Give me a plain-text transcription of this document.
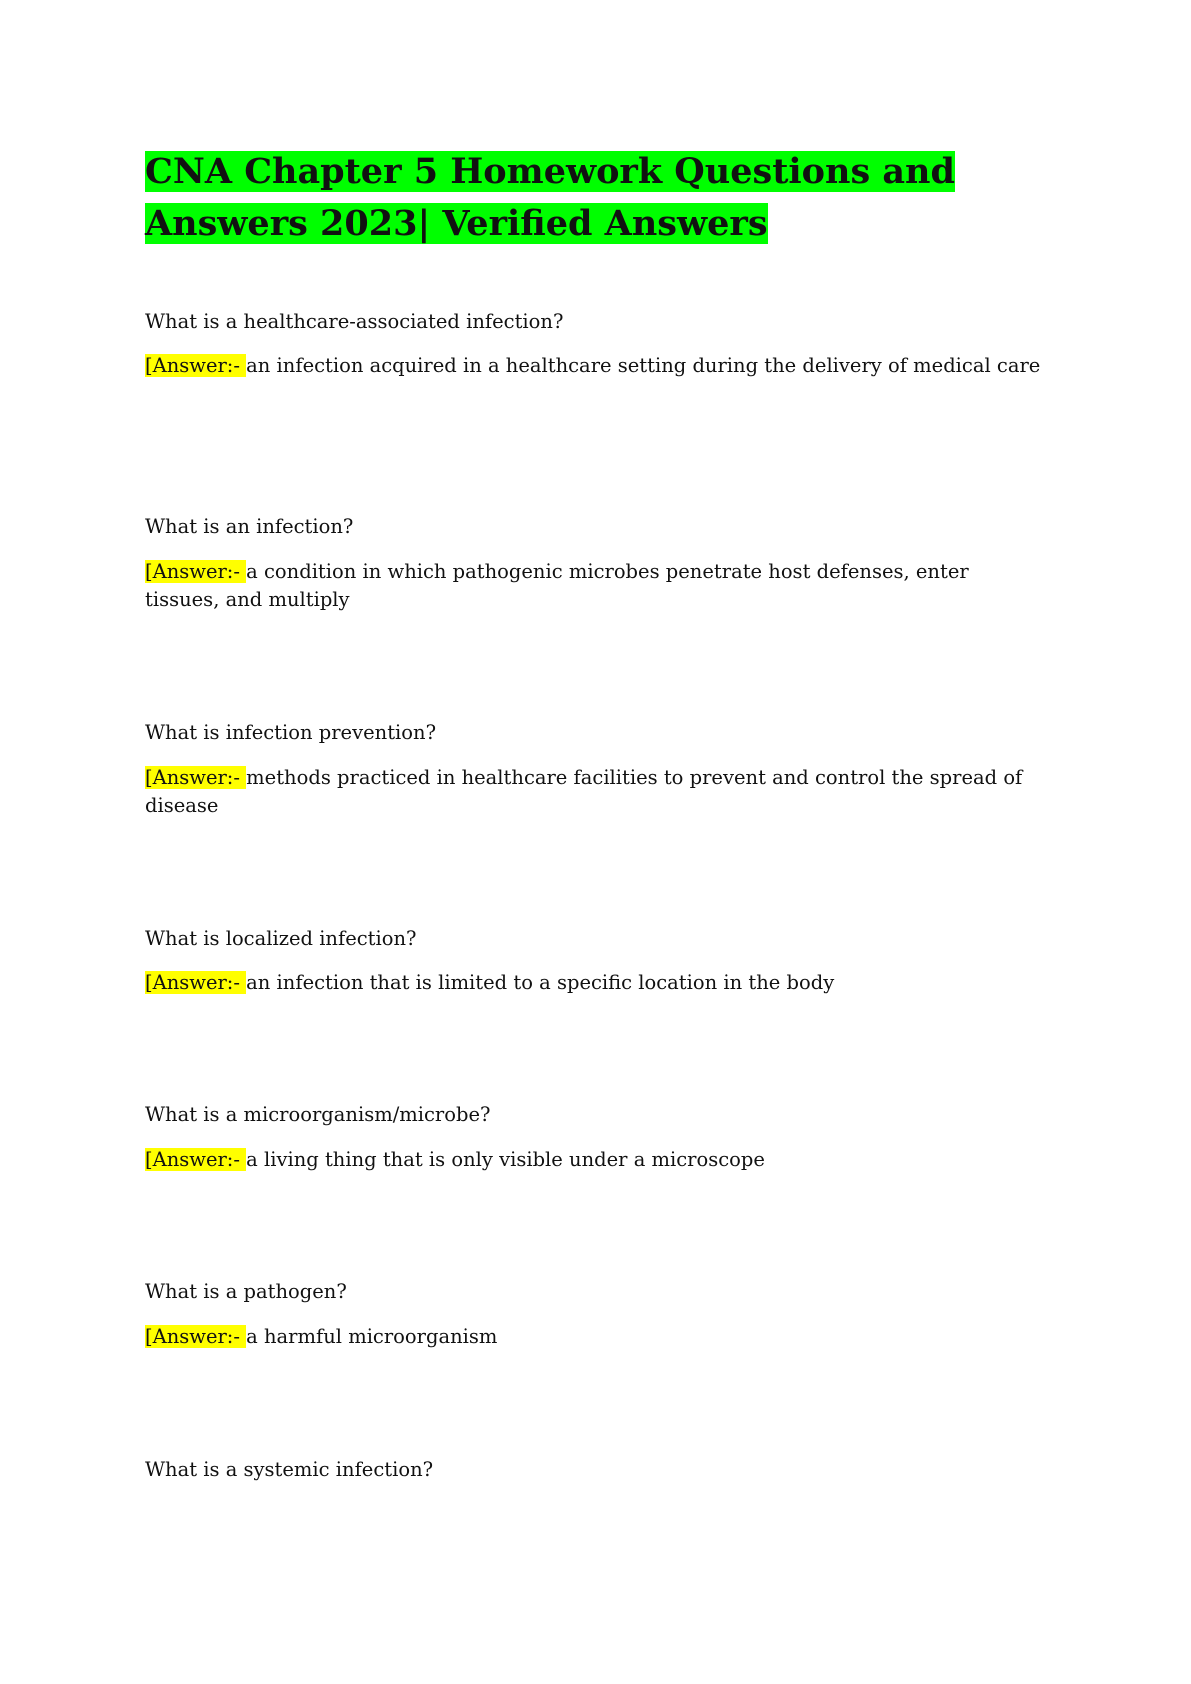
CNA Chapter 5 Homework Questions and
Answers 2023| Verified Answers
What is a healthcare-associated infection?
[Answer:- an infection acquired in a healthcare setting during the delivery of medical care
What is an infection?
[Answer:- a condition in which pathogenic microbes penetrate host defenses, enter tissues, and multiply
What is infection prevention?
[Answer:- methods practiced in healthcare facilities to prevent and control the spread of disease
What is localized infection?
[Answer:- an infection that is limited to a specific location in the body
What is a microorganism/microbe?
[Answer:- a living thing that is only visible under a microscope
What is a pathogen?
[Answer:- a harmful microorganism
What is a systemic infection?
